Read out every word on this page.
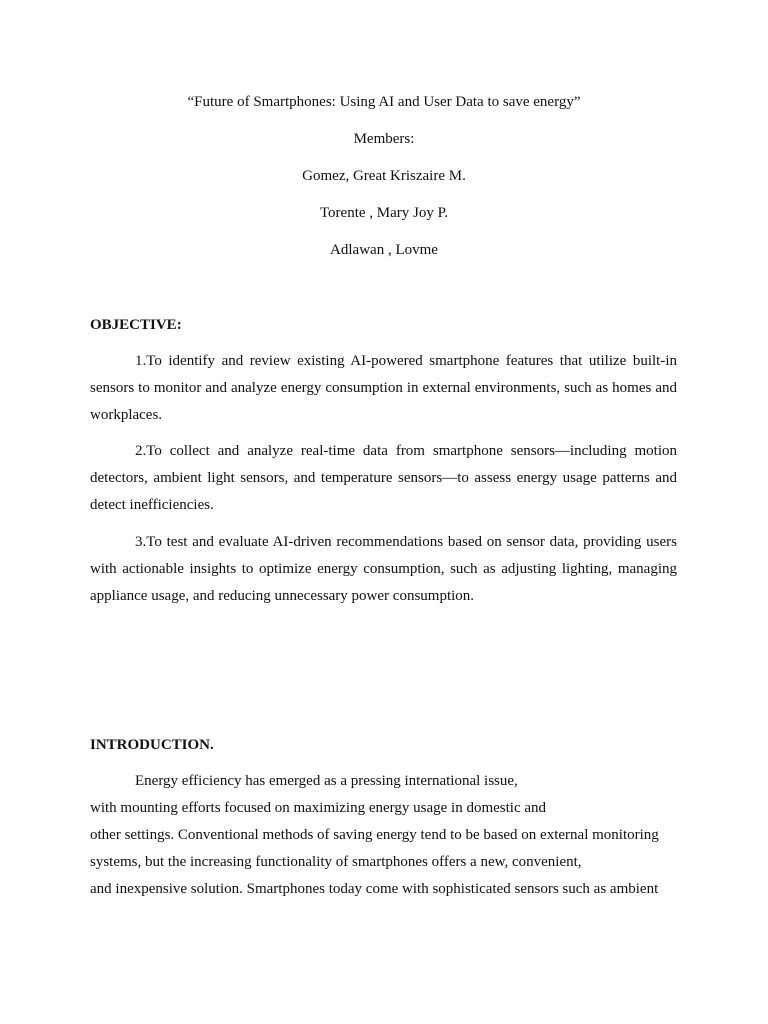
“Future of Smartphones: Using AI and User Data to save energy”
Members:
Gomez, Great Kriszaire M.
Torente , Mary Joy P.
Adlawan , Lovme
OBJECTIVE:

1.To identify and review existing AI-powered smartphone features that utilize built-in sensors to monitor and analyze energy consumption in external environments, such as homes and workplaces.

2.To collect and analyze real-time data from smartphone sensors—including motion detectors, ambient light sensors, and temperature sensors—to assess energy usage patterns and detect inefficiencies.

3.To test and evaluate AI-driven recommendations based on sensor data, providing users with actionable insights to optimize energy consumption, such as adjusting lighting, managing appliance usage, and reducing unnecessary power consumption.

INTRODUCTION.
Energy efficiency has emerged as a pressing international issue,
with mounting efforts focused on maximizing energy usage in domestic and
other settings. Conventional methods of saving energy tend to be based on external monitoring
systems, but the increasing functionality of smartphones offers a new, convenient,
and inexpensive solution. Smartphones today come with sophisticated sensors such as ambient
